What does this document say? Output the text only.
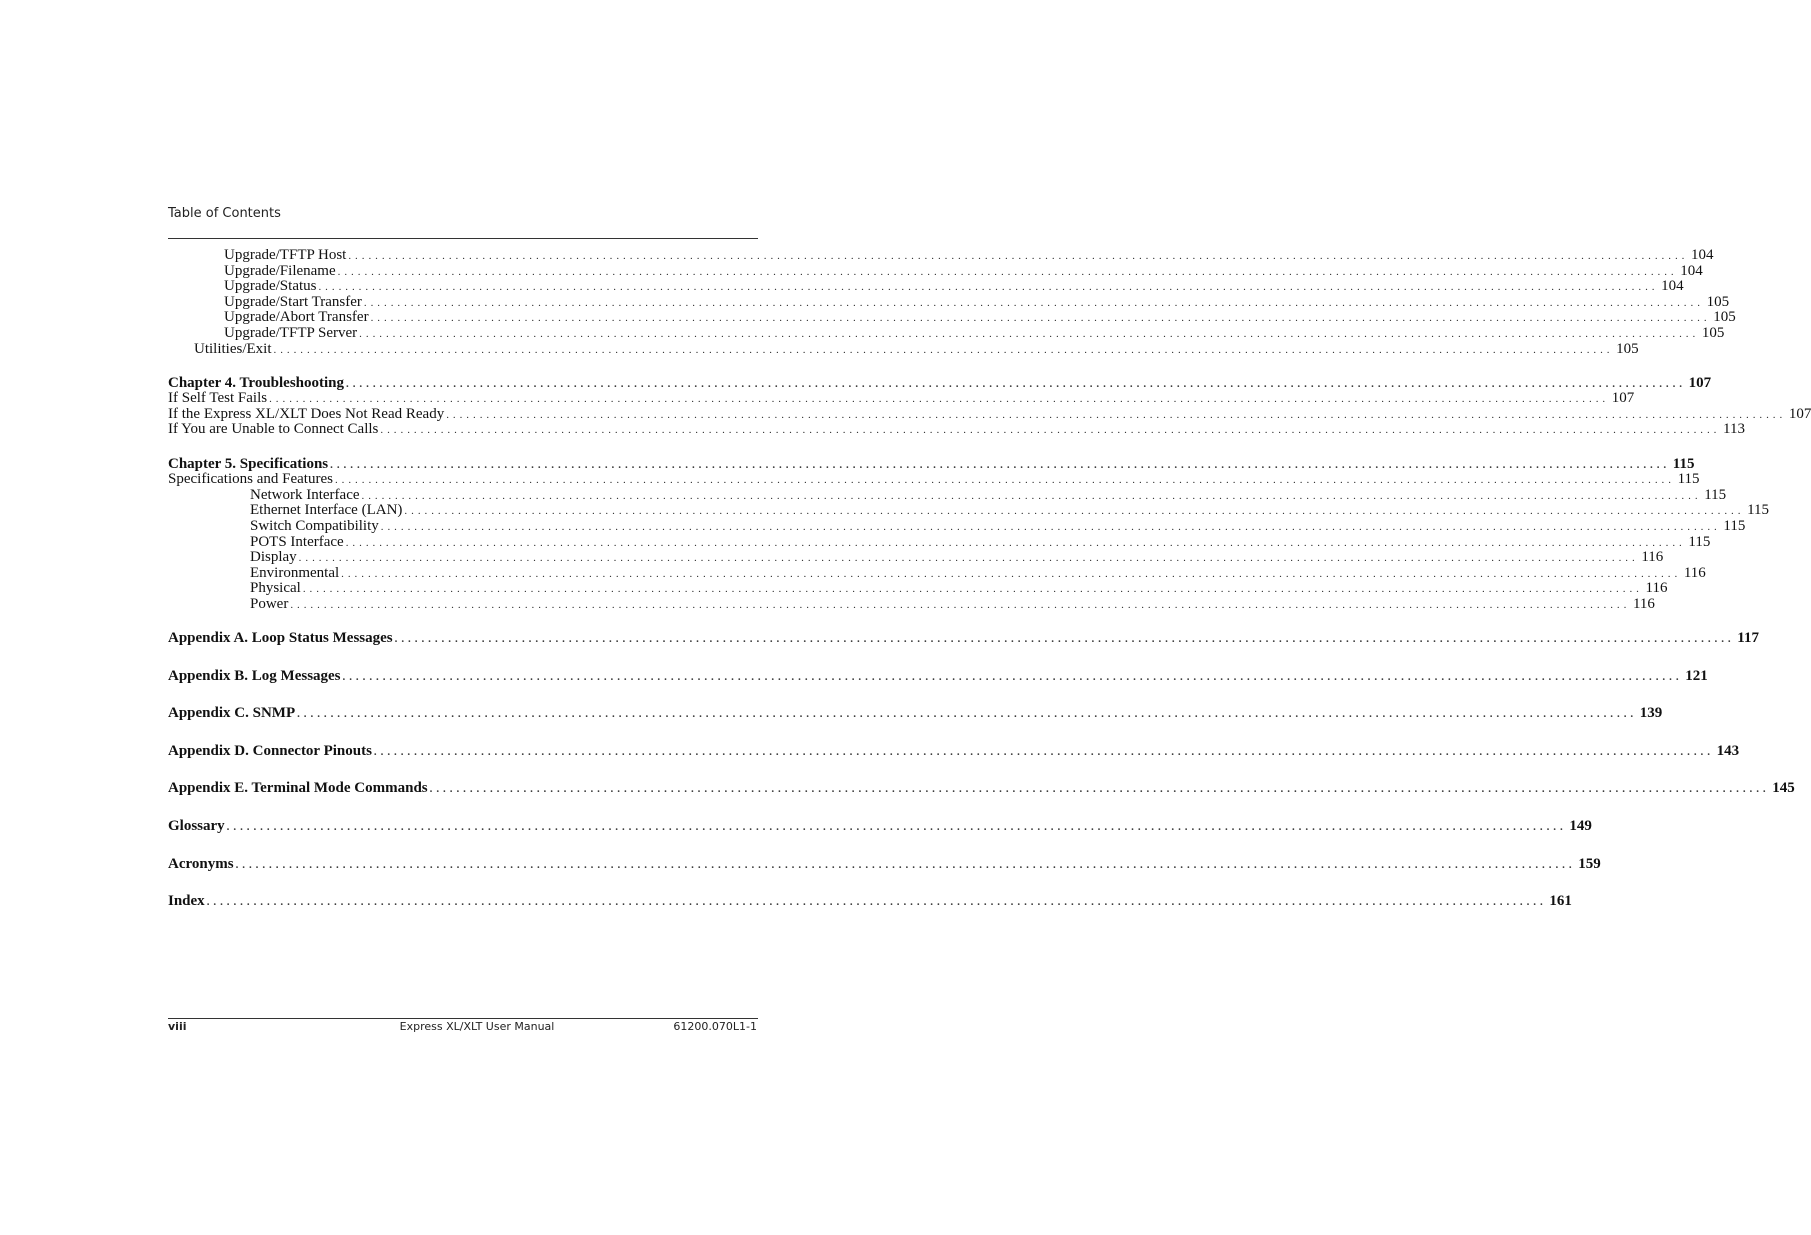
Table of Contents
Upgrade/TFTP Host . . . . . . . . . . . . . . . . . . . . . . . . . . . . . . . . . . . . . . . . . . . . . . . . . . . . . . . . . . . . . . . . . . . . . . . . . . . . . . . . . . . . . . . . . . . . . . . . . . . . . . . . . . . . . . . . . . . . . . . . . . . . . . . . . . . . . . . . . . . . . . . . . . . . . . . . . . . . . . . . . . . . . . . . . . . . . . . . . . . . . . . . . . . . . . . . . . . . . . . . 104
Upgrade/Filename . . . . . . . . . . . . . . . . . . . . . . . . . . . . . . . . . . . . . . . . . . . . . . . . . . . . . . . . . . . . . . . . . . . . . . . . . . . . . . . . . . . . . . . . . . . . . . . . . . . . . . . . . . . . . . . . . . . . . . . . . . . . . . . . . . . . . . . . . . . . . . . . . . . . . . . . . . . . . . . . . . . . . . . . . . . . . . . . . . . . . . . . . . . . . . . . . . . . . . . . 104
Upgrade/Status . . . . . . . . . . . . . . . . . . . . . . . . . . . . . . . . . . . . . . . . . . . . . . . . . . . . . . . . . . . . . . . . . . . . . . . . . . . . . . . . . . . . . . . . . . . . . . . . . . . . . . . . . . . . . . . . . . . . . . . . . . . . . . . . . . . . . . . . . . . . . . . . . . . . . . . . . . . . . . . . . . . . . . . . . . . . . . . . . . . . . . . . . . . . . . . . . . . . . . . . 104
Upgrade/Start Transfer . . . . . . . . . . . . . . . . . . . . . . . . . . . . . . . . . . . . . . . . . . . . . . . . . . . . . . . . . . . . . . . . . . . . . . . . . . . . . . . . . . . . . . . . . . . . . . . . . . . . . . . . . . . . . . . . . . . . . . . . . . . . . . . . . . . . . . . . . . . . . . . . . . . . . . . . . . . . . . . . . . . . . . . . . . . . . . . . . . . . . . . . . . . . . . . . . . . . . . . . 105
Upgrade/Abort Transfer . . . . . . . . . . . . . . . . . . . . . . . . . . . . . . . . . . . . . . . . . . . . . . . . . . . . . . . . . . . . . . . . . . . . . . . . . . . . . . . . . . . . . . . . . . . . . . . . . . . . . . . . . . . . . . . . . . . . . . . . . . . . . . . . . . . . . . . . . . . . . . . . . . . . . . . . . . . . . . . . . . . . . . . . . . . . . . . . . . . . . . . . . . . . . . . . . . . . . . . . 105
Upgrade/TFTP Server . . . . . . . . . . . . . . . . . . . . . . . . . . . . . . . . . . . . . . . . . . . . . . . . . . . . . . . . . . . . . . . . . . . . . . . . . . . . . . . . . . . . . . . . . . . . . . . . . . . . . . . . . . . . . . . . . . . . . . . . . . . . . . . . . . . . . . . . . . . . . . . . . . . . . . . . . . . . . . . . . . . . . . . . . . . . . . . . . . . . . . . . . . . . . . . . . . . . . . . . 105
Utilities/Exit . . . . . . . . . . . . . . . . . . . . . . . . . . . . . . . . . . . . . . . . . . . . . . . . . . . . . . . . . . . . . . . . . . . . . . . . . . . . . . . . . . . . . . . . . . . . . . . . . . . . . . . . . . . . . . . . . . . . . . . . . . . . . . . . . . . . . . . . . . . . . . . . . . . . . . . . . . . . . . . . . . . . . . . . . . . . . . . . . . . . . . . . . . . . . . . . . . . . . . . . 105
Chapter 4. Troubleshooting . . . . . . . . . . . . . . . . . . . . . . . . . . . . . . . . . . . . . . . . . . . . . . . . . . . . . . . . . . . . . . . . . . . . . . . . . . . . . . . . . . . . . . . . . . . . . . . . . . . . . . . . . . . . . . . . . . . . . . . . . . . . . . . . . . . . . . . . . . . . . . . . . . . . . . . . . . . . . . . . . . . . . . . . . . . . . . . . . . . . . . . . . . . . . . . . . . . . . . . . 107
If Self Test Fails . . . . . . . . . . . . . . . . . . . . . . . . . . . . . . . . . . . . . . . . . . . . . . . . . . . . . . . . . . . . . . . . . . . . . . . . . . . . . . . . . . . . . . . . . . . . . . . . . . . . . . . . . . . . . . . . . . . . . . . . . . . . . . . . . . . . . . . . . . . . . . . . . . . . . . . . . . . . . . . . . . . . . . . . . . . . . . . . . . . . . . . . . . . . . . . . . . . . . . . . 107
If the Express XL/XLT Does Not Read Ready . . . . . . . . . . . . . . . . . . . . . . . . . . . . . . . . . . . . . . . . . . . . . . . . . . . . . . . . . . . . . . . . . . . . . . . . . . . . . . . . . . . . . . . . . . . . . . . . . . . . . . . . . . . . . . . . . . . . . . . . . . . . . . . . . . . . . . . . . . . . . . . . . . . . . . . . . . . . . . . . . . . . . . . . . . . . . . . . . . . . . . . . . . . . . . . . . . . . . . . . 107
If You are Unable to Connect Calls . . . . . . . . . . . . . . . . . . . . . . . . . . . . . . . . . . . . . . . . . . . . . . . . . . . . . . . . . . . . . . . . . . . . . . . . . . . . . . . . . . . . . . . . . . . . . . . . . . . . . . . . . . . . . . . . . . . . . . . . . . . . . . . . . . . . . . . . . . . . . . . . . . . . . . . . . . . . . . . . . . . . . . . . . . . . . . . . . . . . . . . . . . . . . . . . . . . . . . . . 113
Chapter 5. Specifications . . . . . . . . . . . . . . . . . . . . . . . . . . . . . . . . . . . . . . . . . . . . . . . . . . . . . . . . . . . . . . . . . . . . . . . . . . . . . . . . . . . . . . . . . . . . . . . . . . . . . . . . . . . . . . . . . . . . . . . . . . . . . . . . . . . . . . . . . . . . . . . . . . . . . . . . . . . . . . . . . . . . . . . . . . . . . . . . . . . . . . . . . . . . . . . . . . . . . . . . 115
Specifications and Features . . . . . . . . . . . . . . . . . . . . . . . . . . . . . . . . . . . . . . . . . . . . . . . . . . . . . . . . . . . . . . . . . . . . . . . . . . . . . . . . . . . . . . . . . . . . . . . . . . . . . . . . . . . . . . . . . . . . . . . . . . . . . . . . . . . . . . . . . . . . . . . . . . . . . . . . . . . . . . . . . . . . . . . . . . . . . . . . . . . . . . . . . . . . . . . . . . . . . . . . 115
Network Interface . . . . . . . . . . . . . . . . . . . . . . . . . . . . . . . . . . . . . . . . . . . . . . . . . . . . . . . . . . . . . . . . . . . . . . . . . . . . . . . . . . . . . . . . . . . . . . . . . . . . . . . . . . . . . . . . . . . . . . . . . . . . . . . . . . . . . . . . . . . . . . . . . . . . . . . . . . . . . . . . . . . . . . . . . . . . . . . . . . . . . . . . . . . . . . . . . . . . . . . . 115
Ethernet Interface (LAN) . . . . . . . . . . . . . . . . . . . . . . . . . . . . . . . . . . . . . . . . . . . . . . . . . . . . . . . . . . . . . . . . . . . . . . . . . . . . . . . . . . . . . . . . . . . . . . . . . . . . . . . . . . . . . . . . . . . . . . . . . . . . . . . . . . . . . . . . . . . . . . . . . . . . . . . . . . . . . . . . . . . . . . . . . . . . . . . . . . . . . . . . . . . . . . . . . . . . . . . . 115
Switch Compatibility . . . . . . . . . . . . . . . . . . . . . . . . . . . . . . . . . . . . . . . . . . . . . . . . . . . . . . . . . . . . . . . . . . . . . . . . . . . . . . . . . . . . . . . . . . . . . . . . . . . . . . . . . . . . . . . . . . . . . . . . . . . . . . . . . . . . . . . . . . . . . . . . . . . . . . . . . . . . . . . . . . . . . . . . . . . . . . . . . . . . . . . . . . . . . . . . . . . . . . . . 115
POTS Interface . . . . . . . . . . . . . . . . . . . . . . . . . . . . . . . . . . . . . . . . . . . . . . . . . . . . . . . . . . . . . . . . . . . . . . . . . . . . . . . . . . . . . . . . . . . . . . . . . . . . . . . . . . . . . . . . . . . . . . . . . . . . . . . . . . . . . . . . . . . . . . . . . . . . . . . . . . . . . . . . . . . . . . . . . . . . . . . . . . . . . . . . . . . . . . . . . . . . . . . . 115
Display . . . . . . . . . . . . . . . . . . . . . . . . . . . . . . . . . . . . . . . . . . . . . . . . . . . . . . . . . . . . . . . . . . . . . . . . . . . . . . . . . . . . . . . . . . . . . . . . . . . . . . . . . . . . . . . . . . . . . . . . . . . . . . . . . . . . . . . . . . . . . . . . . . . . . . . . . . . . . . . . . . . . . . . . . . . . . . . . . . . . . . . . . . . . . . . . . . . . . . . . 116
Environmental . . . . . . . . . . . . . . . . . . . . . . . . . . . . . . . . . . . . . . . . . . . . . . . . . . . . . . . . . . . . . . . . . . . . . . . . . . . . . . . . . . . . . . . . . . . . . . . . . . . . . . . . . . . . . . . . . . . . . . . . . . . . . . . . . . . . . . . . . . . . . . . . . . . . . . . . . . . . . . . . . . . . . . . . . . . . . . . . . . . . . . . . . . . . . . . . . . . . . . . . 116
Physical . . . . . . . . . . . . . . . . . . . . . . . . . . . . . . . . . . . . . . . . . . . . . . . . . . . . . . . . . . . . . . . . . . . . . . . . . . . . . . . . . . . . . . . . . . . . . . . . . . . . . . . . . . . . . . . . . . . . . . . . . . . . . . . . . . . . . . . . . . . . . . . . . . . . . . . . . . . . . . . . . . . . . . . . . . . . . . . . . . . . . . . . . . . . . . . . . . . . . . . . 116
Power . . . . . . . . . . . . . . . . . . . . . . . . . . . . . . . . . . . . . . . . . . . . . . . . . . . . . . . . . . . . . . . . . . . . . . . . . . . . . . . . . . . . . . . . . . . . . . . . . . . . . . . . . . . . . . . . . . . . . . . . . . . . . . . . . . . . . . . . . . . . . . . . . . . . . . . . . . . . . . . . . . . . . . . . . . . . . . . . . . . . . . . . . . . . . . . . . . . . . . . . 116
Appendix A. Loop Status Messages . . . . . . . . . . . . . . . . . . . . . . . . . . . . . . . . . . . . . . . . . . . . . . . . . . . . . . . . . . . . . . . . . . . . . . . . . . . . . . . . . . . . . . . . . . . . . . . . . . . . . . . . . . . . . . . . . . . . . . . . . . . . . . . . . . . . . . . . . . . . . . . . . . . . . . . . . . . . . . . . . . . . . . . . . . . . . . . . . . . . . . . . . . . . . . . . . . . . . . . . 117
Appendix B. Log Messages . . . . . . . . . . . . . . . . . . . . . . . . . . . . . . . . . . . . . . . . . . . . . . . . . . . . . . . . . . . . . . . . . . . . . . . . . . . . . . . . . . . . . . . . . . . . . . . . . . . . . . . . . . . . . . . . . . . . . . . . . . . . . . . . . . . . . . . . . . . . . . . . . . . . . . . . . . . . . . . . . . . . . . . . . . . . . . . . . . . . . . . . . . . . . . . . . . . . . . . . 121
Appendix C. SNMP . . . . . . . . . . . . . . . . . . . . . . . . . . . . . . . . . . . . . . . . . . . . . . . . . . . . . . . . . . . . . . . . . . . . . . . . . . . . . . . . . . . . . . . . . . . . . . . . . . . . . . . . . . . . . . . . . . . . . . . . . . . . . . . . . . . . . . . . . . . . . . . . . . . . . . . . . . . . . . . . . . . . . . . . . . . . . . . . . . . . . . . . . . . . . . . . . . . . . . . . 139
Appendix D. Connector Pinouts . . . . . . . . . . . . . . . . . . . . . . . . . . . . . . . . . . . . . . . . . . . . . . . . . . . . . . . . . . . . . . . . . . . . . . . . . . . . . . . . . . . . . . . . . . . . . . . . . . . . . . . . . . . . . . . . . . . . . . . . . . . . . . . . . . . . . . . . . . . . . . . . . . . . . . . . . . . . . . . . . . . . . . . . . . . . . . . . . . . . . . . . . . . . . . . . . . . . . . . . 143
Appendix E. Terminal Mode Commands . . . . . . . . . . . . . . . . . . . . . . . . . . . . . . . . . . . . . . . . . . . . . . . . . . . . . . . . . . . . . . . . . . . . . . . . . . . . . . . . . . . . . . . . . . . . . . . . . . . . . . . . . . . . . . . . . . . . . . . . . . . . . . . . . . . . . . . . . . . . . . . . . . . . . . . . . . . . . . . . . . . . . . . . . . . . . . . . . . . . . . . . . . . . . . . . . . . . . . . . 145
Glossary . . . . . . . . . . . . . . . . . . . . . . . . . . . . . . . . . . . . . . . . . . . . . . . . . . . . . . . . . . . . . . . . . . . . . . . . . . . . . . . . . . . . . . . . . . . . . . . . . . . . . . . . . . . . . . . . . . . . . . . . . . . . . . . . . . . . . . . . . . . . . . . . . . . . . . . . . . . . . . . . . . . . . . . . . . . . . . . . . . . . . . . . . . . . . . . . . . . . . . . . 149
Acronyms . . . . . . . . . . . . . . . . . . . . . . . . . . . . . . . . . . . . . . . . . . . . . . . . . . . . . . . . . . . . . . . . . . . . . . . . . . . . . . . . . . . . . . . . . . . . . . . . . . . . . . . . . . . . . . . . . . . . . . . . . . . . . . . . . . . . . . . . . . . . . . . . . . . . . . . . . . . . . . . . . . . . . . . . . . . . . . . . . . . . . . . . . . . . . . . . . . . . . . . . 159
Index . . . . . . . . . . . . . . . . . . . . . . . . . . . . . . . . . . . . . . . . . . . . . . . . . . . . . . . . . . . . . . . . . . . . . . . . . . . . . . . . . . . . . . . . . . . . . . . . . . . . . . . . . . . . . . . . . . . . . . . . . . . . . . . . . . . . . . . . . . . . . . . . . . . . . . . . . . . . . . . . . . . . . . . . . . . . . . . . . . . . . . . . . . . . . . . . . . . . . . . . 161
viii	Express XL/XLT User Manual	61200.070L1-1
